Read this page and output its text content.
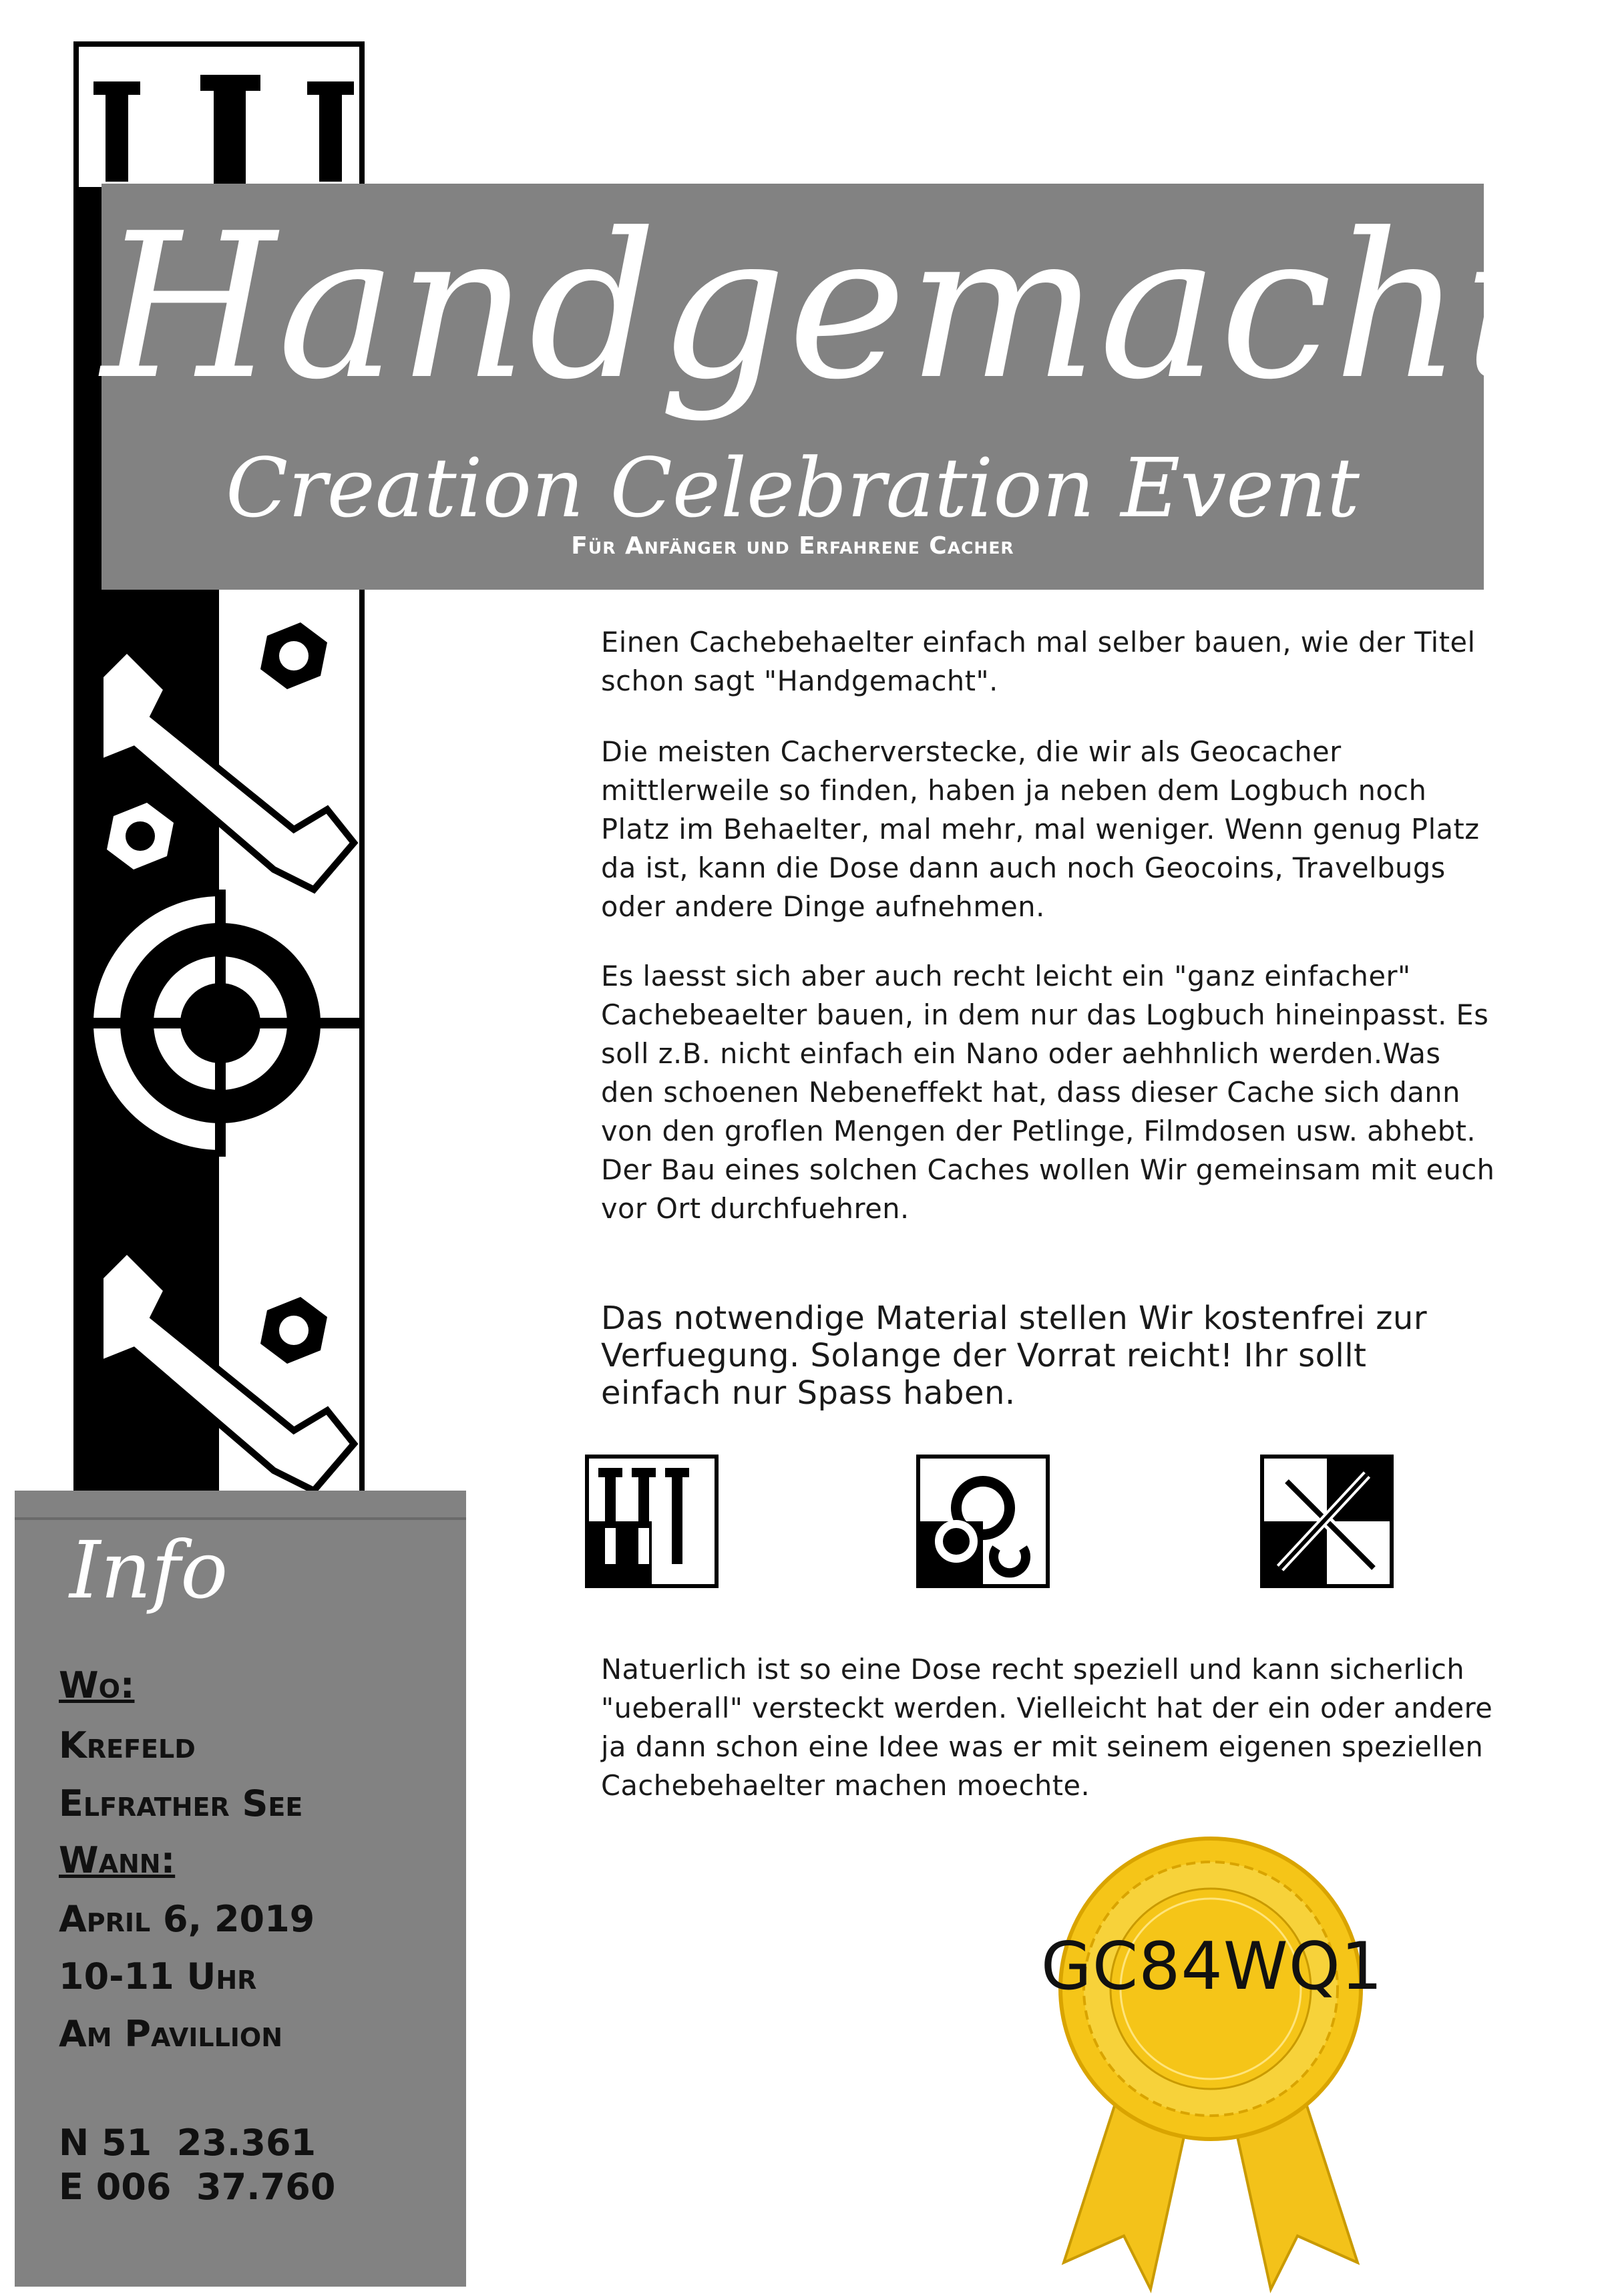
Handgemacht
Creation Celebration Event
Für Anfänger und Erfahrene Cacher
Einen Cachebehaelter einfach mal selber bauen, wie der Titel schon sagt "Handgemacht".
Die meisten Cacherverstecke, die wir als Geocacher mittlerweile so finden, haben ja neben dem Logbuch noch Platz im Behaelter, mal mehr, mal weniger. Wenn genug Platz da ist, kann die Dose dann auch noch Geocoins, Travelbugs oder andere Dinge aufnehmen.
Es laesst sich aber auch recht leicht ein "ganz einfacher" Cachebeaelter bauen, in dem nur das Logbuch hineinpasst. Es soll z.B. nicht einfach ein Nano oder aehhnlich werden.Was den schoenen Nebeneffekt hat, dass dieser Cache sich dann von den groflen Mengen der Petlinge, Filmdosen usw. abhebt. Der Bau eines solchen Caches wollen Wir gemeinsam mit euch vor Ort durchfuehren.
Das notwendige Material stellen Wir kostenfrei zur Verfuegung. Solange der Vorrat reicht! Ihr sollt einfach nur Spass haben.
Natuerlich ist so eine Dose recht speziell und kann sicherlich "ueberall" versteckt werden. Vielleicht hat der ein oder andere ja dann schon eine Idee was er mit seinem eigenen speziellen Cachebehaelter machen moechte.
Info
Wo:
Krefeld
Elfrather See
Wann:
April 6, 2019
10-11 Uhr
Am Pavillion
N 51  23.361
E 006  37.760
GC84WQ1
